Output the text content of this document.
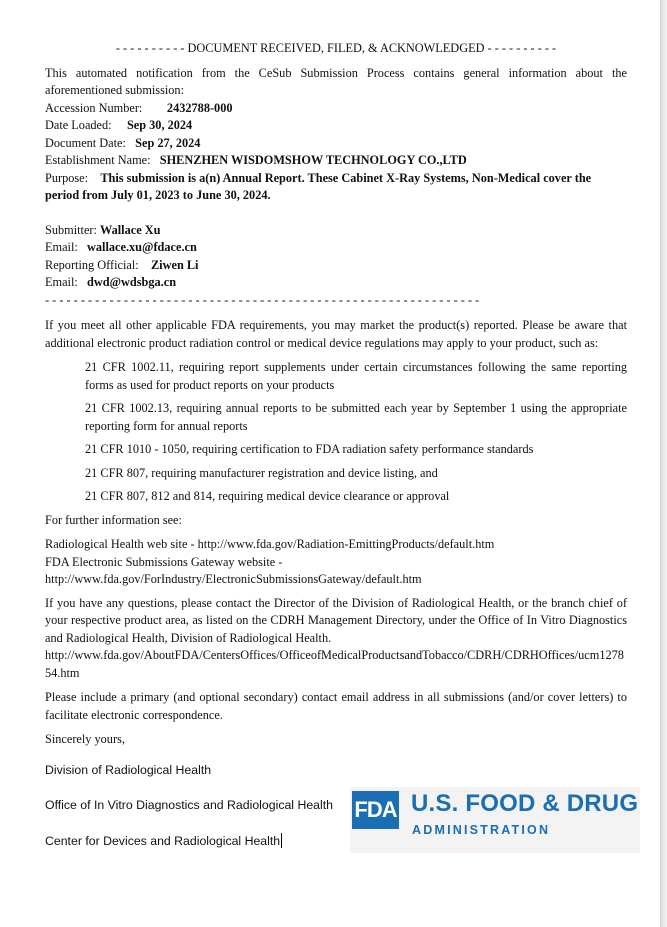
- - - - - - - - - - DOCUMENT RECEIVED, FILED, & ACKNOWLEDGED - - - - - - - - - -
This automated notification from the CeSub Submission Process contains general information about the aforementioned submission:
Accession Number: 2432788-000
Date Loaded: Sep 30, 2024
Document Date: Sep 27, 2024
Establishment Name: SHENZHEN WISDOMSHOW TECHNOLOGY CO.,LTD
Purpose: This submission is a(n) Annual Report. These Cabinet X-Ray Systems, Non-Medical cover the period from July 01, 2023 to June 30, 2024.
Submitter: Wallace Xu
Email: wallace.xu@fdace.cn
Reporting Official: Ziwen Li
Email: dwd@wdsbga.cn
- - - - - - - - - - - - - - - - - - - - - - - - - - - - - - - - - - - - - - - - - - - - - - - - - - - - - - - - - - - - -
If you meet all other applicable FDA requirements, you may market the product(s) reported. Please be aware that additional electronic product radiation control or medical device regulations may apply to your product, such as:
21 CFR 1002.11, requiring report supplements under certain circumstances following the same reporting forms as used for product reports on your products
21 CFR 1002.13, requiring annual reports to be submitted each year by September 1 using the appropriate reporting form for annual reports
21 CFR 1010 - 1050, requiring certification to FDA radiation safety performance standards
21 CFR 807, requiring manufacturer registration and device listing, and
21 CFR 807, 812 and 814, requiring medical device clearance or approval
For further information see:
Radiological Health web site - http://www.fda.gov/Radiation-EmittingProducts/default.htm
FDA Electronic Submissions Gateway website -
http://www.fda.gov/ForIndustry/ElectronicSubmissionsGateway/default.htm
If you have any questions, please contact the Director of the Division of Radiological Health, or the branch chief of your respective product area, as listed on the CDRH Management Directory, under the Office of In Vitro Diagnostics and Radiological Health, Division of Radiological Health.
http://www.fda.gov/AboutFDA/CentersOffices/OfficeofMedicalProductsandTobacco/CDRH/CDRHOffices/ucm127854.htm
Please include a primary (and optional secondary) contact email address in all submissions (and/or cover letters) to facilitate electronic correspondence.
Sincerely yours,
Division of Radiological Health
Office of In Vitro Diagnostics and Radiological Health
Center for Devices and Radiological Health
FDA U.S. FOOD & DRUG
ADMINISTRATION
